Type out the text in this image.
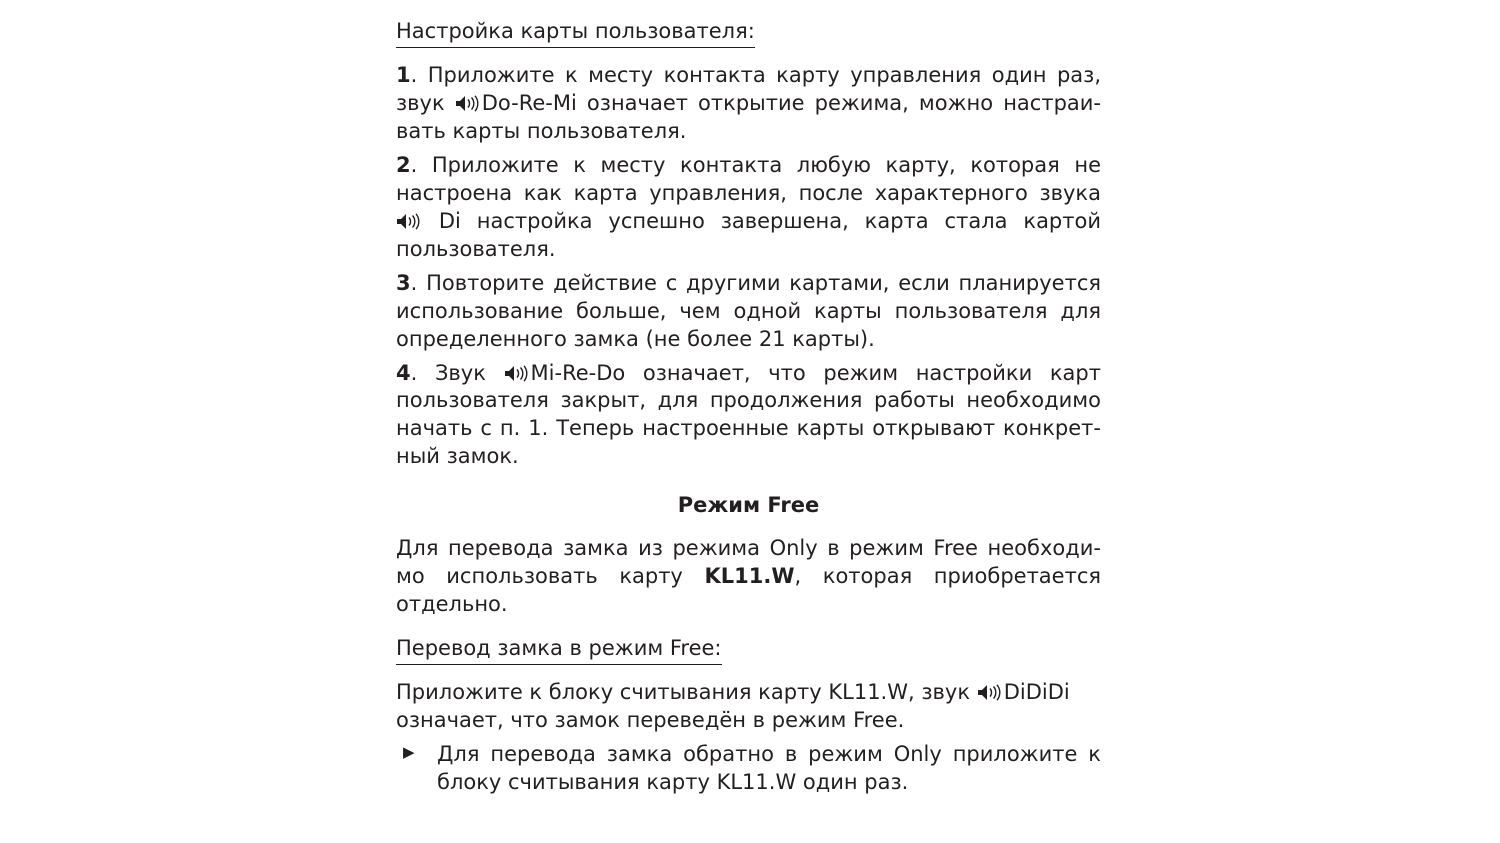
Настройка карты пользователя:

1. Приложите к месту контакта карту управления один раз, звук
Do-Re-Mi означает открытие режима, можно настраи-вать карты пользователя.

2. Приложите к месту контакта любую карту, которая не настроена как карта управления, после характерного звука
Di настройка успешно завершена, карта стала картой пользователя.

3. Повторите действие с другими картами, если планируется использование больше, чем одной карты пользователя для определенного замка (не более 21 карты).

4. Звук
Mi-Re-Do означает, что режим настройки карт пользователя закрыт, для продолжения работы необходимо начать с п. 1. Теперь настроенные карты открывают конкрет-ный замок.

Режим Free

Для перевода замка из режима Only в режим Free необходи-мо использовать карту KL11.W, которая приобретается отдельно.

Перевод замка в режим Free:

Приложите к блоку считывания карту KL11.W, звук
DiDiDi означает, что замок переведён в режим Free.

▶	Для перевода замка обратно в режим Only приложите к блоку считывания карту KL11.W один раз.
